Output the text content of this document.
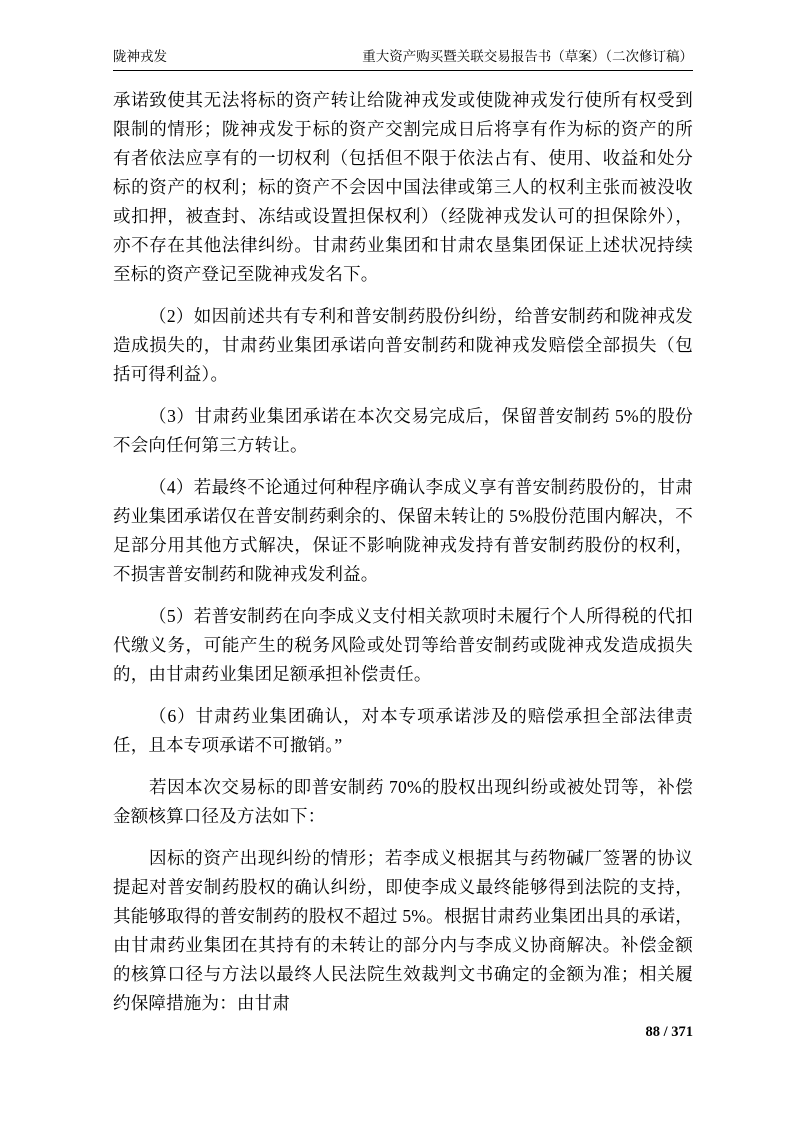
陇神戎发	重大资产购买暨关联交易报告书（草案）（二次修订稿）

承诺致使其无法将标的资产转让给陇神戎发或使陇神戎发行使所有权受到限制的情形；陇神戎发于标的资产交割完成日后将享有作为标的资产的所有者依法应享有的一切权利（包括但不限于依法占有、使用、收益和处分标的资产的权利；标的资产不会因中国法律或第三人的权利主张而被没收或扣押，被查封、冻结或设置担保权利）（经陇神戎发认可的担保除外），亦不存在其他法律纠纷。甘肃药业集团和甘肃农垦集团保证上述状况持续至标的资产登记至陇神戎发名下。

（2）如因前述共有专利和普安制药股份纠纷，给普安制药和陇神戎发造成损失的，甘肃药业集团承诺向普安制药和陇神戎发赔偿全部损失（包括可得利益）。

（3）甘肃药业集团承诺在本次交易完成后，保留普安制药 5%的股份不会向任何第三方转让。

（4）若最终不论通过何种程序确认李成义享有普安制药股份的，甘肃药业集团承诺仅在普安制药剩余的、保留未转让的 5%股份范围内解决，不足部分用其他方式解决，保证不影响陇神戎发持有普安制药股份的权利，不损害普安制药和陇神戎发利益。

（5）若普安制药在向李成义支付相关款项时未履行个人所得税的代扣代缴义务，可能产生的税务风险或处罚等给普安制药或陇神戎发造成损失的，由甘肃药业集团足额承担补偿责任。

（6）甘肃药业集团确认，对本专项承诺涉及的赔偿承担全部法律责任，且本专项承诺不可撤销。”

若因本次交易标的即普安制药 70%的股权出现纠纷或被处罚等，补偿金额核算口径及方法如下：

因标的资产出现纠纷的情形；若李成义根据其与药物碱厂签署的协议提起对普安制药股权的确认纠纷，即使李成义最终能够得到法院的支持，其能够取得的普安制药的股权不超过 5%。根据甘肃药业集团出具的承诺，由甘肃药业集团在其持有的未转让的部分内与李成义协商解决。补偿金额的核算口径与方法以最终人民法院生效裁判文书确定的金额为准；相关履约保障措施为：由甘肃

88 / 371
